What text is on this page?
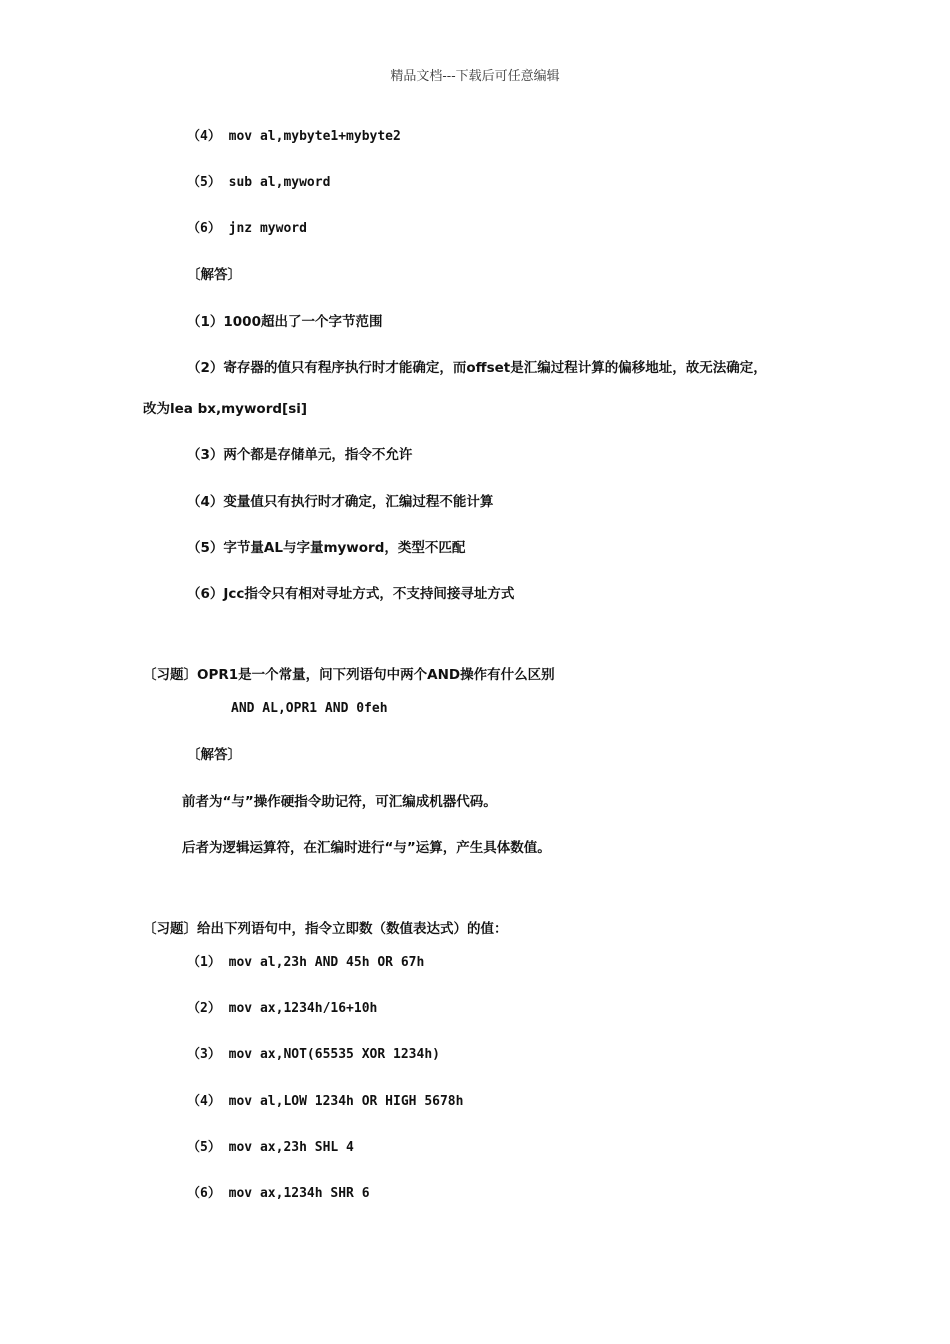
精品文档---下载后可任意编辑
（4） mov al,mybyte1+mybyte2
（5） sub al,myword
（6） jnz myword
〔解答〕
（1）1000超出了一个字节范围
（2）寄存器的值只有程序执行时才能确定，而offset是汇编过程计算的偏移地址，故无法确定，
改为lea bx,myword[si]
（3）两个都是存储单元，指令不允许
（4）变量值只有执行时才确定，汇编过程不能计算
（5）字节量AL与字量myword，类型不匹配
（6）Jcc指令只有相对寻址方式，不支持间接寻址方式
〔习题〕OPR1是一个常量，问下列语句中两个AND操作有什么区别
AND AL,OPR1 AND 0feh
〔解答〕
前者为“与”操作硬指令助记符，可汇编成机器代码。
后者为逻辑运算符，在汇编时进行“与”运算，产生具体数值。
〔习题〕给出下列语句中，指令立即数（数值表达式）的值：
（1） mov al,23h AND 45h OR 67h
（2） mov ax,1234h/16+10h
（3） mov ax,NOT(65535 XOR 1234h)
（4） mov al,LOW 1234h OR HIGH 5678h
（5） mov ax,23h SHL 4
（6） mov ax,1234h SHR 6
